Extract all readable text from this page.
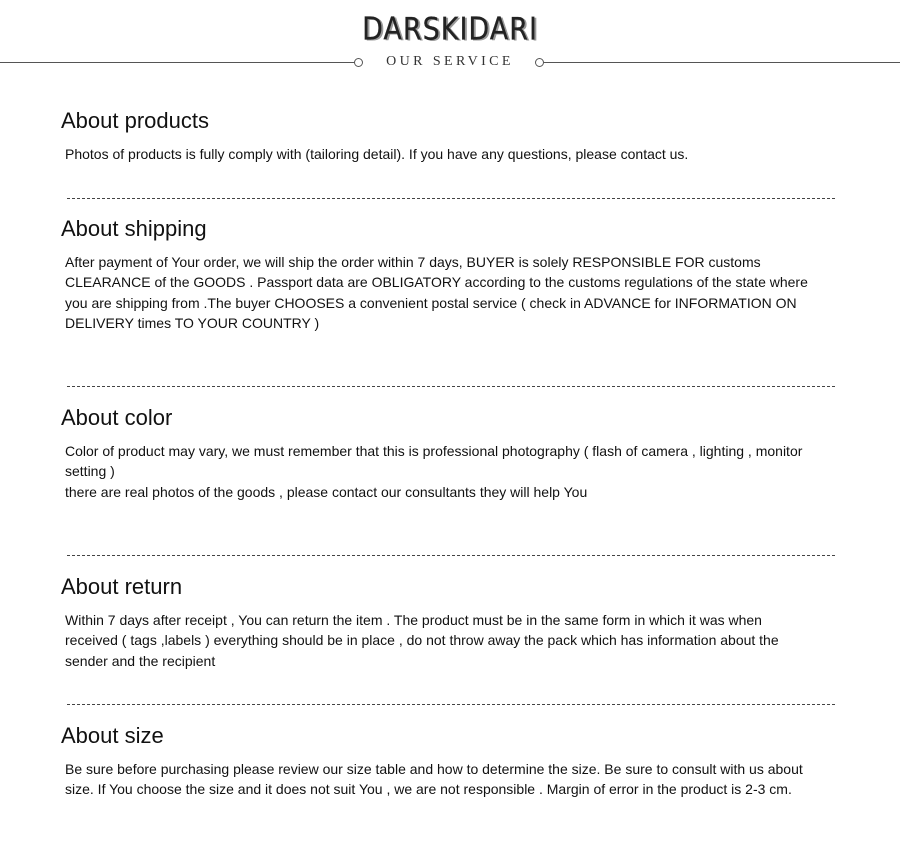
DARSKIDARI
OUR SERVICE
About products

Photos of products is fully comply with (tailoring detail). If you have any questions, please contact us.

About shipping

After payment of Your order, we will ship the order within 7 days, BUYER is solely RESPONSIBLE FOR customs
CLEARANCE of the GOODS . Passport data are OBLIGATORY according to the customs regulations of the state where
you are shipping from .The buyer CHOOSES a convenient postal service ( check in ADVANCE for INFORMATION ON
DELIVERY times TO YOUR COUNTRY )

About color

Color of product may vary, we must remember that this is professional photography ( flash of camera , lighting , monitor
setting )
there are real photos of the goods , please contact our consultants they will help You

About return

Within 7 days after receipt , You can return the item . The product must be in the same form in which it was when
received ( tags ,labels ) everything should be in place , do not throw away the pack which has information about the
sender and the recipient

About size

Be sure before purchasing please review our size table and how to determine the size. Be sure to consult with us about
size. If You choose the size and it does not suit You , we are not responsible . Margin of error in the product is 2-3 cm.
